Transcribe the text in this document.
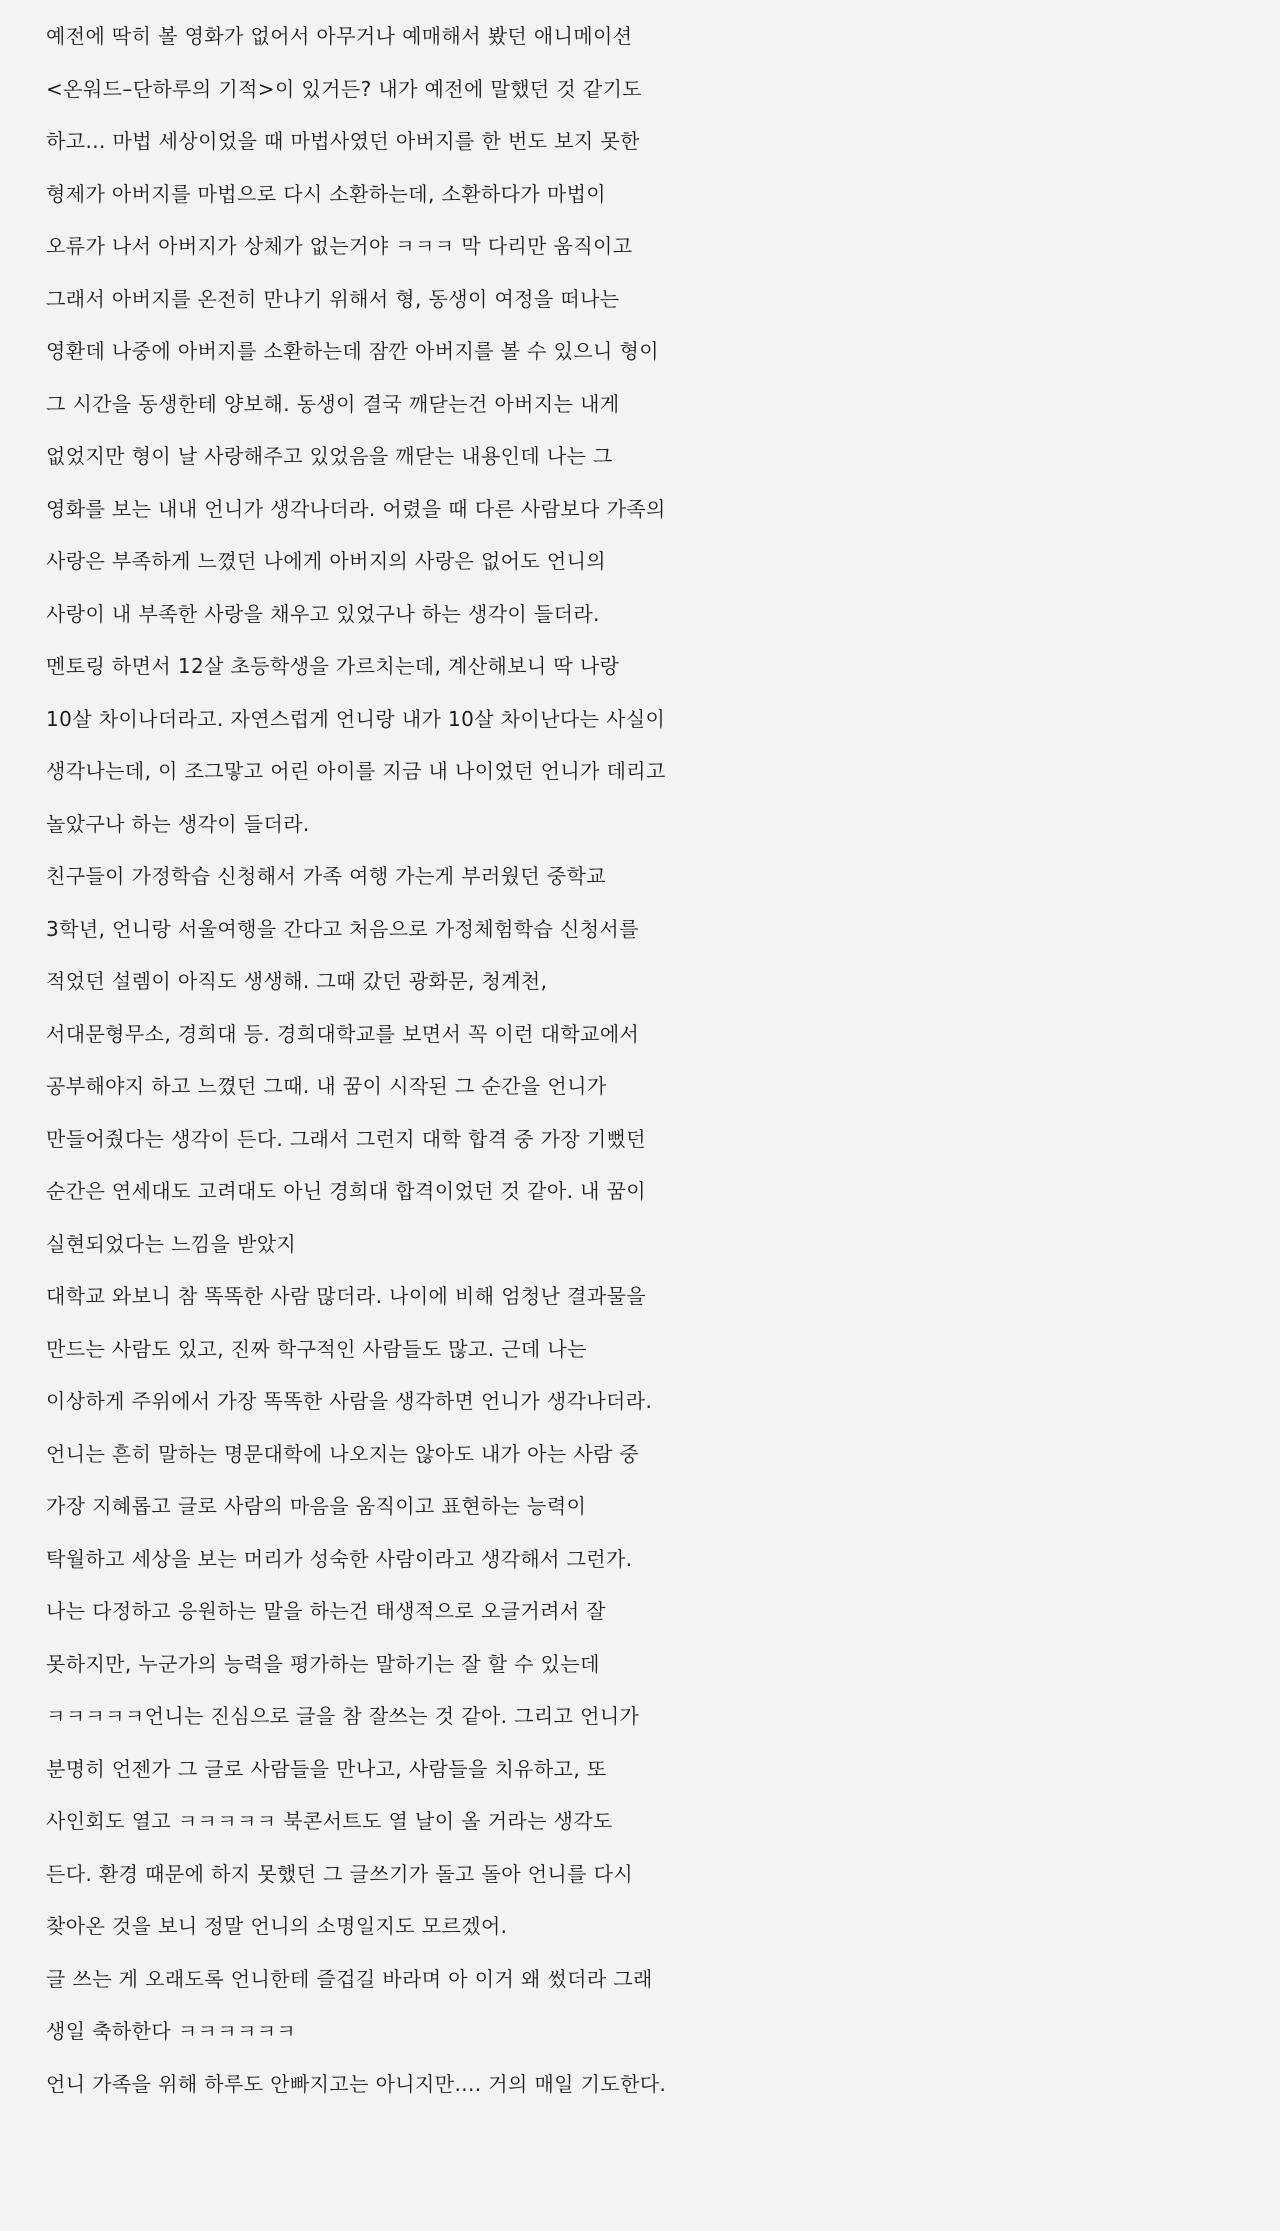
예전에 딱히 볼 영화가 없어서 아무거나 예매해서 봤던 애니메이션
<온워드–단하루의 기적>이 있거든? 내가 예전에 말했던 것 같기도
하고... 마법 세상이었을 때 마법사였던 아버지를 한 번도 보지 못한
형제가 아버지를 마법으로 다시 소환하는데, 소환하다가 마법이
오류가 나서 아버지가 상체가 없는거야 ㅋㅋㅋ 막 다리만 움직이고
그래서 아버지를 온전히 만나기 위해서 형, 동생이 여정을 떠나는
영환데 나중에 아버지를 소환하는데 잠깐 아버지를 볼 수 있으니 형이
그 시간을 동생한테 양보해. 동생이 결국 깨닫는건 아버지는 내게
없었지만 형이 날 사랑해주고 있었음을 깨닫는 내용인데 나는 그
영화를 보는 내내 언니가 생각나더라. 어렸을 때 다른 사람보다 가족의
사랑은 부족하게 느꼈던 나에게 아버지의 사랑은 없어도 언니의
사랑이 내 부족한 사랑을 채우고 있었구나 하는 생각이 들더라.
멘토링 하면서 12살 초등학생을 가르치는데, 계산해보니 딱 나랑
10살 차이나더라고. 자연스럽게 언니랑 내가 10살 차이난다는 사실이
생각나는데, 이 조그맣고 어린 아이를 지금 내 나이었던 언니가 데리고
놀았구나 하는 생각이 들더라.
친구들이 가정학습 신청해서 가족 여행 가는게 부러웠던 중학교
3학년, 언니랑 서울여행을 간다고 처음으로 가정체험학습 신청서를
적었던 설렘이 아직도 생생해. 그때 갔던 광화문, 청계천,
서대문형무소, 경희대 등. 경희대학교를 보면서 꼭 이런 대학교에서
공부해야지 하고 느꼈던 그때. 내 꿈이 시작된 그 순간을 언니가
만들어줬다는 생각이 든다. 그래서 그런지 대학 합격 중 가장 기뻤던
순간은 연세대도 고려대도 아닌 경희대 합격이었던 것 같아. 내 꿈이
실현되었다는 느낌을 받았지
대학교 와보니 참 똑똑한 사람 많더라. 나이에 비해 엄청난 결과물을
만드는 사람도 있고, 진짜 학구적인 사람들도 많고. 근데 나는
이상하게 주위에서 가장 똑똑한 사람을 생각하면 언니가 생각나더라.
언니는 흔히 말하는 명문대학에 나오지는 않아도 내가 아는 사람 중
가장 지혜롭고 글로 사람의 마음을 움직이고 표현하는 능력이
탁월하고 세상을 보는 머리가 성숙한 사람이라고 생각해서 그런가.
나는 다정하고 응원하는 말을 하는건 태생적으로 오글거려서 잘
못하지만, 누군가의 능력을 평가하는 말하기는 잘 할 수 있는데
ㅋㅋㅋㅋㅋ언니는 진심으로 글을 참 잘쓰는 것 같아. 그리고 언니가
분명히 언젠가 그 글로 사람들을 만나고, 사람들을 치유하고, 또
사인회도 열고 ㅋㅋㅋㅋㅋ 북콘서트도 열 날이 올 거라는 생각도
든다. 환경 때문에 하지 못했던 그 글쓰기가 돌고 돌아 언니를 다시
찾아온 것을 보니 정말 언니의 소명일지도 모르겠어.
글 쓰는 게 오래도록 언니한테 즐겁길 바라며 아 이거 왜 썼더라 그래
생일 축하한다 ㅋㅋㅋㅋㅋㅋ
언니 가족을 위해 하루도 안빠지고는 아니지만.... 거의 매일 기도한다.
